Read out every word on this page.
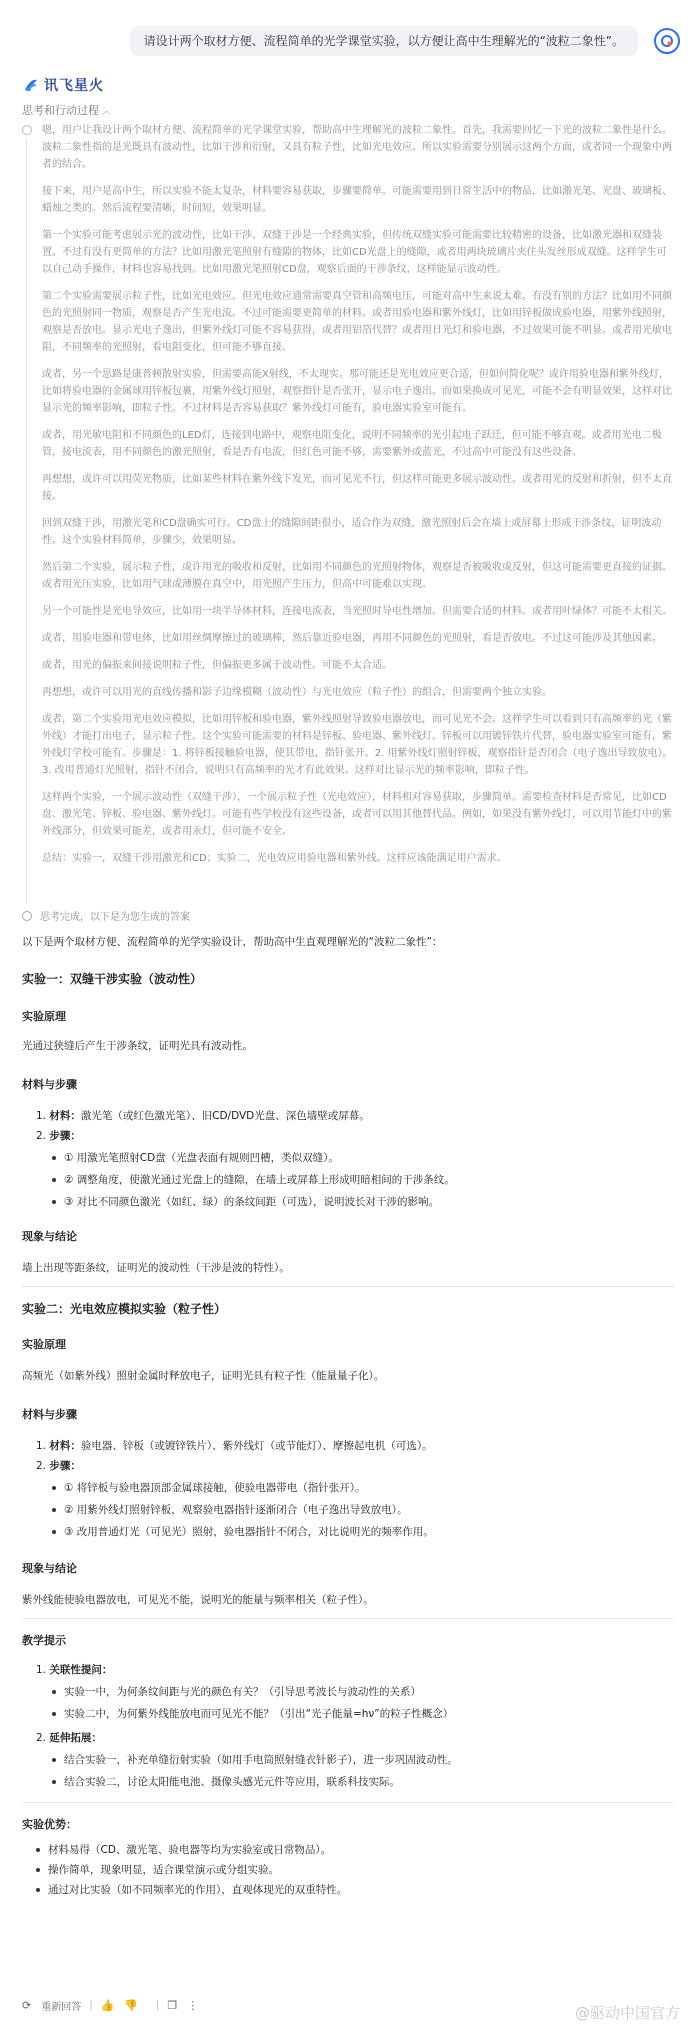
请设计两个取材方便、流程简单的光学课堂实验，以方便让高中生理解光的“波粒二象性”。
讯飞星火
思考和行动过程 ︿

嗯，用户让我设计两个取材方便、流程简单的光学课堂实验，帮助高中生理解光的波粒二象性。首先，我需要回忆一下光的波粒二象性是什么。波粒二象性指的是光既具有波动性，比如干涉和衍射，又具有粒子性，比如光电效应。所以实验需要分别展示这两个方面，或者同一个现象中两者的结合。

接下来，用户是高中生，所以实验不能太复杂，材料要容易获取，步骤要简单。可能需要用到日常生活中的物品，比如激光笔、光盘、玻璃板、蜡烛之类的。然后流程要清晰，时间短，效果明显。

第一个实验可能考虑展示光的波动性，比如干涉。双缝干涉是一个经典实验，但传统双缝实验可能需要比较精密的设备，比如激光器和双缝装置。不过有没有更简单的方法？比如用激光笔照射有缝隙的物体，比如CD光盘上的缝隙，或者用两块玻璃片夹住头发丝形成双缝。这样学生可以自己动手操作，材料也容易找到。比如用激光笔照射CD盘，观察后面的干涉条纹，这样能显示波动性。

第二个实验需要展示粒子性，比如光电效应。但光电效应通常需要真空管和高频电压，可能对高中生来说太难。有没有别的方法？比如用不同颜色的光照射同一物质，观察是否产生光电流。不过可能需要更简单的材料。或者用验电器和紫外线灯，比如用锌板做成验电器，用紫外线照射，观察是否放电。显示光电子逸出，但紫外线灯可能不容易获得，或者用铝箔代替？或者用日光灯和验电器，不过效果可能不明显。或者用光敏电阻，不同频率的光照射，看电阻变化，但可能不够直接。

或者，另一个思路是康普顿散射实验，但需要高能X射线，不太现实。那可能还是光电效应更合适，但如何简化呢？或许用验电器和紫外线灯，比如将验电器的金属球用锌板包裹，用紫外线灯照射，观察指针是否张开，显示电子逸出。而如果换成可见光，可能不会有明显效果，这样对比显示光的频率影响，即粒子性。不过材料是否容易获取？紫外线灯可能有，验电器实验室可能有。

或者，用光敏电阻和不同颜色的LED灯，连接到电路中，观察电阻变化，说明不同频率的光引起电子跃迁，但可能不够直观。或者用光电二极管，接电流表，用不同颜色的激光照射，看是否有电流，但红色可能不够，需要紫外或蓝光，不过高中可能没有这些设备。

再想想，或许可以用荧光物质，比如某些材料在紫外线下发光，而可见光不行，但这样可能更多展示波动性。或者用光的反射和折射，但不太直接。

回到双缝干涉，用激光笔和CD盘确实可行。CD盘上的缝隙间距很小，适合作为双缝，激光照射后会在墙上或屏幕上形成干涉条纹，证明波动性。这个实验材料简单，步骤少，效果明显。

然后第二个实验，展示粒子性，或许用光的吸收和反射，比如用不同颜色的光照射物体，观察是否被吸收或反射，但这可能需要更直接的证据。或者用光压实验，比如用气球或薄膜在真空中，用光照产生压力，但高中可能难以实现。

另一个可能性是光电导效应，比如用一块半导体材料，连接电流表，当光照时导电性增加。但需要合适的材料。或者用叶绿体？可能不太相关。

或者，用验电器和带电体，比如用丝绸摩擦过的玻璃棒，然后靠近验电器，再用不同颜色的光照射，看是否放电。不过这可能涉及其他因素。

或者，用光的偏振来间接说明粒子性，但偏振更多属于波动性。可能不太合适。

再想想，或许可以用光的直线传播和影子边缘模糊（波动性）与光电效应（粒子性）的组合，但需要两个独立实验。

或者，第二个实验用光电效应模拟，比如用锌板和验电器，紫外线照射导致验电器放电，而可见光不会。这样学生可以看到只有高频率的光（紫外线）才能打出电子，显示粒子性。这个实验可能需要的材料是锌板、验电器、紫外线灯。锌板可以用镀锌铁片代替，验电器实验室可能有，紫外线灯学校可能有。步骤是：1. 将锌板接触验电器，使其带电，指针张开。2. 用紫外线灯照射锌板，观察指针是否闭合（电子逸出导致放电）。3. 改用普通灯光照射，指针不闭合，说明只有高频率的光才有此效果。这样对比显示光的频率影响，即粒子性。

这样两个实验，一个展示波动性（双缝干涉），一个展示粒子性（光电效应），材料相对容易获取，步骤简单。需要检查材料是否常见，比如CD盘、激光笔、锌板、验电器、紫外线灯。可能有些学校没有这些设备，或者可以用其他替代品。例如，如果没有紫外线灯，可以用节能灯中的紫外线部分，但效果可能差，或者用汞灯，但可能不安全。

总结：实验一，双缝干涉用激光和CD；实验二，光电效应用验电器和紫外线。这样应该能满足用户需求。

思考完成，以下是为您生成的答案
以下是两个取材方便、流程简单的光学实验设计，帮助高中生直观理解光的“波粒二象性”：
实验一：双缝干涉实验（波动性）
实验原理
光通过狭缝后产生干涉条纹，证明光具有波动性。
材料与步骤
1. 材料：激光笔（或红色激光笔）、旧CD/DVD光盘、深色墙壁或屏幕。
2. 步骤：
① 用激光笔照射CD盘（光盘表面有规则凹槽，类似双缝）。
② 调整角度，使激光通过光盘上的缝隙，在墙上或屏幕上形成明暗相间的干涉条纹。
③ 对比不同颜色激光（如红、绿）的条纹间距（可选），说明波长对干涉的影响。
现象与结论
墙上出现等距条纹，证明光的波动性（干涉是波的特性）。
实验二：光电效应模拟实验（粒子性）
实验原理
高频光（如紫外线）照射金属时释放电子，证明光具有粒子性（能量量子化）。
材料与步骤
1. 材料：验电器、锌板（或镀锌铁片）、紫外线灯（或节能灯）、摩擦起电机（可选）。
2. 步骤：
① 将锌板与验电器顶部金属球接触，使验电器带电（指针张开）。
② 用紫外线灯照射锌板，观察验电器指针逐渐闭合（电子逸出导致放电）。
③ 改用普通灯光（可见光）照射，验电器指针不闭合，对比说明光的频率作用。
现象与结论
紫外线能使验电器放电，可见光不能，说明光的能量与频率相关（粒子性）。
教学提示
1. 关联性提问：
实验一中，为何条纹间距与光的颜色有关？（引导思考波长与波动性的关系）
实验二中，为何紫外线能放电而可见光不能？（引出“光子能量=hν”的粒子性概念）
2. 延伸拓展：
结合实验一，补充单缝衍射实验（如用手电筒照射缝衣针影子），进一步巩固波动性。
结合实验二，讨论太阳能电池、摄像头感光元件等应用，联系科技实际。
实验优势：
材料易得（CD、激光笔、验电器等均为实验室或日常物品）。
操作简单，现象明显，适合课堂演示或分组实验。
通过对比实验（如不同频率光的作用），直观体现光的双重特性。
⟳ 重新回答 | 👍 👎 | ❐ ⋮	@驱动中国官方
